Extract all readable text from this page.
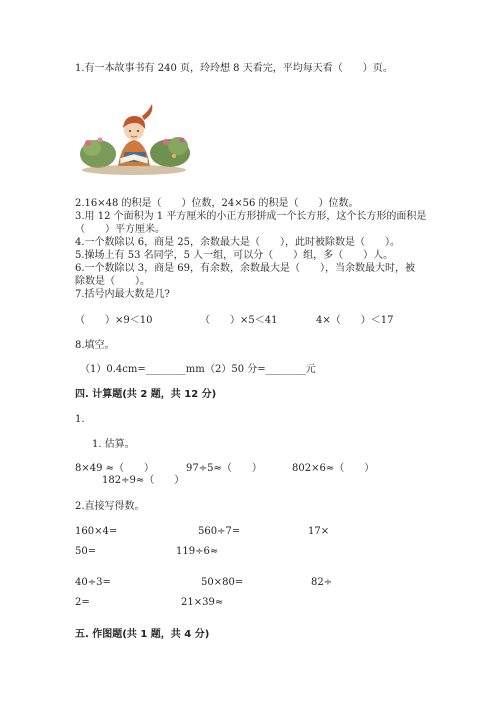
1.有一本故事书有 240 页，玲玲想 8 天看完，平均每天看（　　）页。
2.16×48 的积是（　　）位数，24×56 的积是（　　）位数。
3.用 12 个面积为 1 平方厘米的小正方形拼成一个长方形，这个长方形的面积是
（　　）平方厘米。
4.一个数除以 6，商是 25，余数最大是（　　），此时被除数是（　　）。
5.操场上有 53 名同学，5 人一组，可以分（　　）组，多（　　）人。
6.一个数除以 3，商是 69，有余数，余数最大是（　　），当余数最大时，被
除数是（　　）。
7.括号内最大数是几?
（　　）×9＜10	（　　）×5＜41	4×（　　）＜17
8.填空。
（1）0.4cm=________mm （2）50 分=________元
四. 计算题(共 2 题，共 12 分)
1.
1. 估算。
8×49 ≈（　　）	97÷5≈（　　）	802×6≈（　　）
182÷9≈（　　）
2.直接写得数。
160×4=	560÷7=	17×
50=	119÷6≈
40÷3=	50×80=	82÷
2=	21×39≈
五. 作图题(共 1 题，共 4 分)
